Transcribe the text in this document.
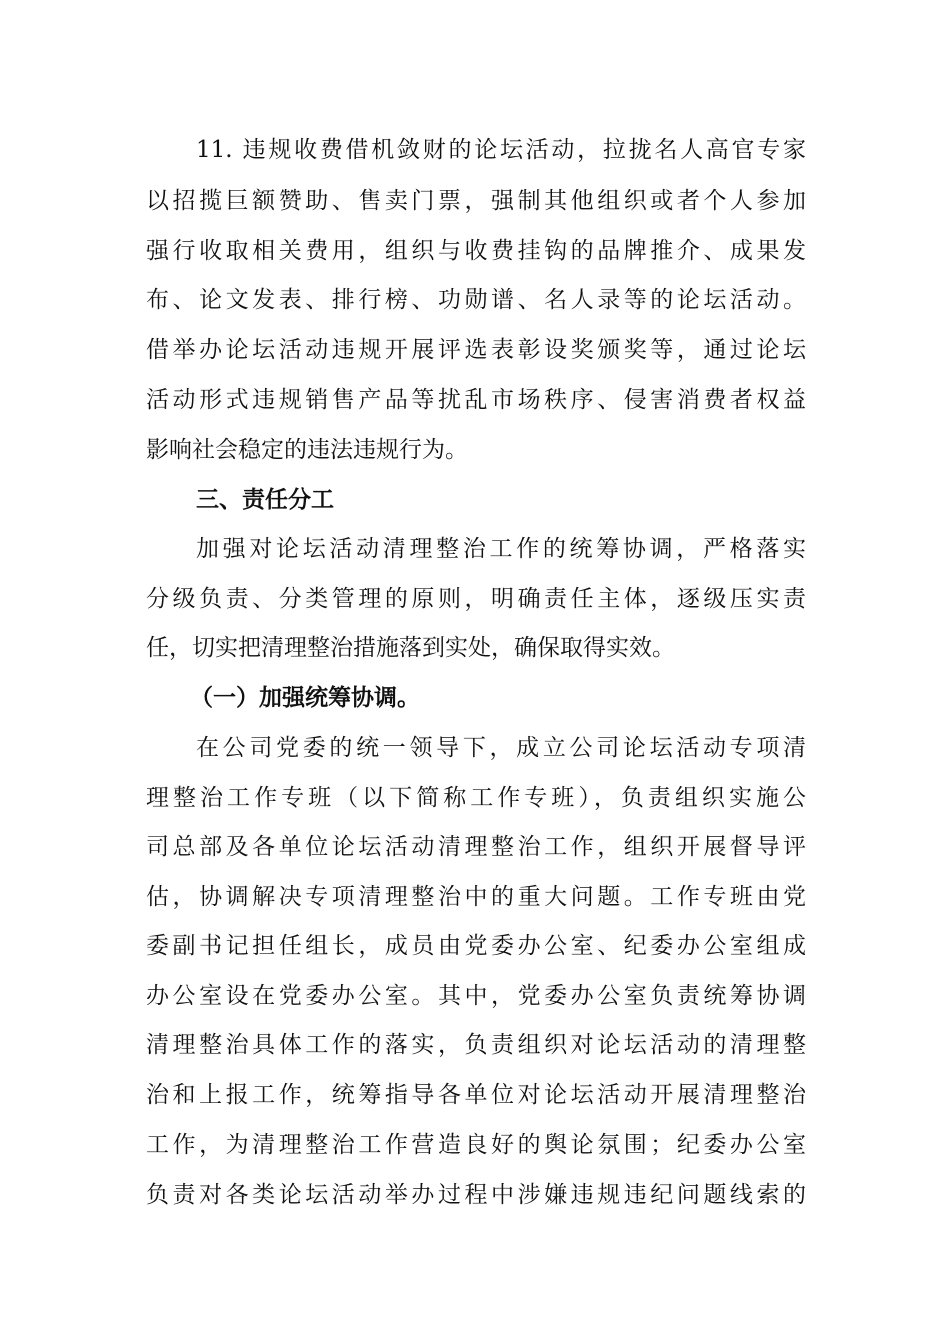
11. 违规收费借机敛财的论坛活动，拉拢名人高官专家
以招揽巨额赞助、售卖门票，强制其他组织或者个人参加
强行收取相关费用，组织与收费挂钩的品牌推介、成果发
布、论文发表、排行榜、功勋谱、名人录等的论坛活动。
借举办论坛活动违规开展评选表彰设奖颁奖等，通过论坛
活动形式违规销售产品等扰乱市场秩序、侵害消费者权益
影响社会稳定的违法违规行为。
三、责任分工
加强对论坛活动清理整治工作的统筹协调，严格落实
分级负责、分类管理的原则，明确责任主体，逐级压实责
任，切实把清理整治措施落到实处，确保取得实效。
（一）加强统筹协调。
在公司党委的统一领导下，成立公司论坛活动专项清
理整治工作专班（以下简称工作专班），负责组织实施公
司总部及各单位论坛活动清理整治工作，组织开展督导评
估，协调解决专项清理整治中的重大问题。工作专班由党
委副书记担任组长，成员由党委办公室、纪委办公室组成
办公室设在党委办公室。其中，党委办公室负责统筹协调
清理整治具体工作的落实，负责组织对论坛活动的清理整
治和上报工作，统筹指导各单位对论坛活动开展清理整治
工作，为清理整治工作营造良好的舆论氛围；纪委办公室
负责对各类论坛活动举办过程中涉嫌违规违纪问题线索的
